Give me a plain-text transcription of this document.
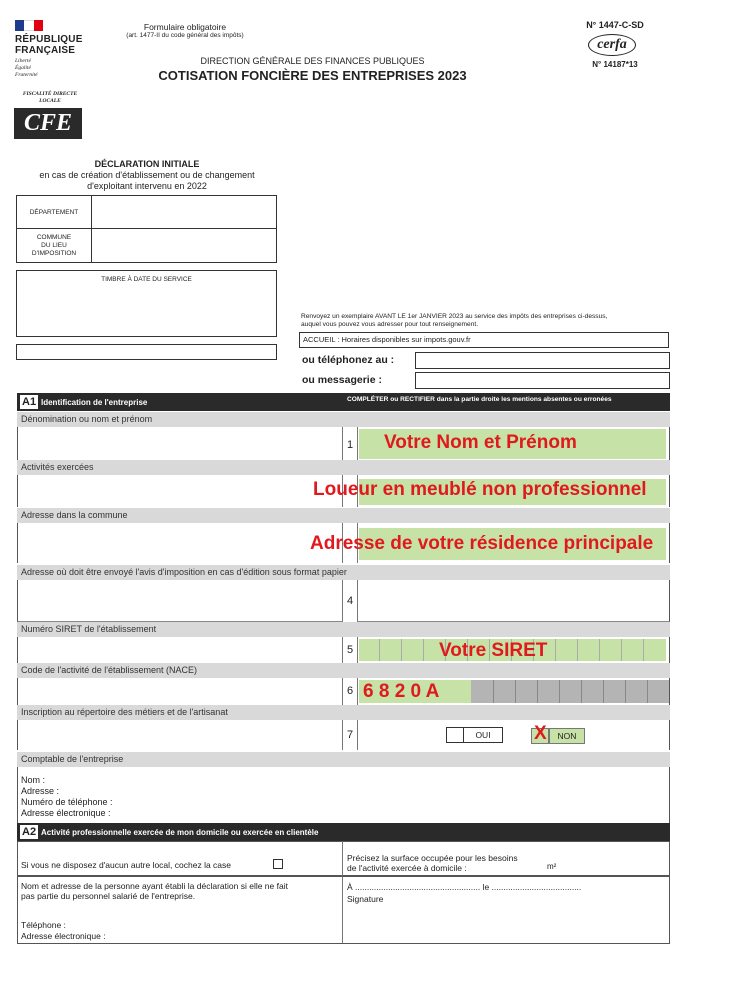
RÉPUBLIQUE
FRANÇAISE
Liberté
Égalité
Fraternité
FISCALITÉ DIRECTE
LOCALE
CFE
Formulaire obligatoire
(art. 1477-II du code général des impôts)
DIRECTION GÉNÉRALE DES FINANCES PUBLIQUES
COTISATION FONCIÈRE DES ENTREPRISES 2023
N° 1447-C-SD
cerfa
N° 14187*13
DÉCLARATION INITIALE
en cas de création d'établissement ou de changement
d'exploitant intervenu en 2022
DÉPARTEMENT
COMMUNE
DU LIEU
D'IMPOSITION
TIMBRE À DATE DU SERVICE
Renvoyez un exemplaire AVANT LE 1er JANVIER 2023 au service des impôts des entreprises ci-dessus,
auquel vous pouvez vous adresser pour tout renseignement.
ACCUEIL : Horaires disponibles sur impots.gouv.fr
ou téléphonez au :
ou messagerie :
A1 Identification de l'entreprise	COMPLÉTER ou RECTIFIER dans la partie droite les mentions absentes ou erronées
Dénomination ou nom et prénom
1 Votre Nom et Prénom
Activités exercées
Loueur en meublé non professionnel
Adresse dans la commune
Adresse de votre résidence principale
Adresse où doit être envoyé l'avis d'imposition en cas d'édition sous format papier
4
Numéro SIRET de l'établissement
5	Votre SIRET
Code de l'activité de l'établissement (NACE)
6 6 8 2 0 A
Inscription au répertoire des métiers et de l'artisanat
7	OUI	NON
X
Comptable de l'entreprise
Nom :
Adresse :
Numéro de téléphone :
Adresse électronique :
A2 Activité professionnelle exercée de mon domicile ou exercée en clientèle
Si vous ne disposez d'aucun autre local, cochez la case
Précisez la surface occupée pour les besoins
de l'activité exercée à domicile :	m²
Nom et adresse de la personne ayant établi la déclaration si elle ne fait
pas partie du personnel salarié de l'entreprise.
Téléphone :
Adresse électronique :
À ..................................................... le ......................................
Signature
